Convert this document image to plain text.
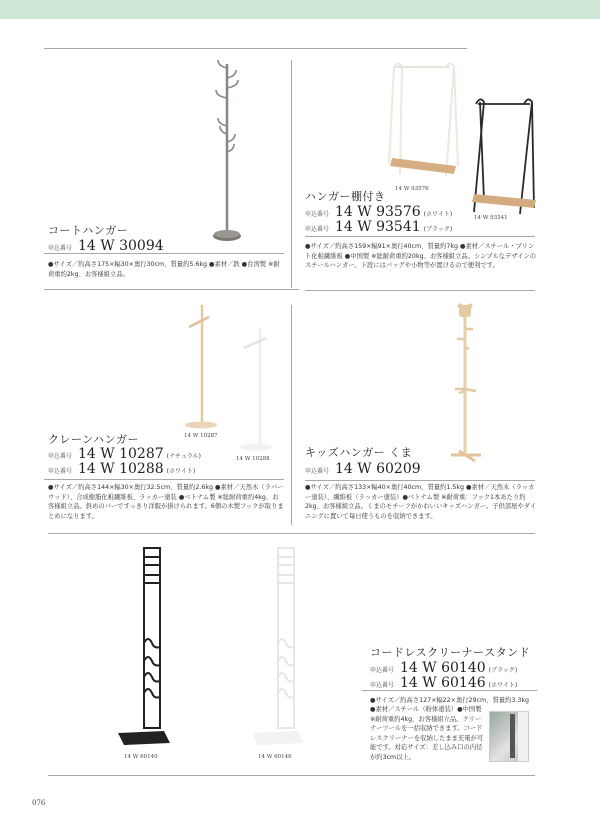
コートハンガー
申込番号 14 W 30094
●サイズ／約高さ175×幅30×奥行30cm、質量約5.6kg ●素材／鉄 ●台湾製 ※耐荷重約2kg、お客様組立品。
14 W 93576
14 W 93541
ハンガー棚付き
申込番号 14 W 93576 (ホワイト)
申込番号 14 W 93541 (ブラック)
●サイズ／約高さ159×幅91×奥行40cm、質量約7kg ●素材／スチール・プリント化粧繊維板 ●中国製 ※総耐荷重約20kg、お客様組立品。シンプルなデザインのスチールハンガー。下段にはバッグや小物等が置けるので便利です。
14 W 10287
14 W 10288
クレーンハンガー
申込番号 14 W 10287 (ナチュラル)
申込番号 14 W 10288 (ホワイト)
●サイズ／約高さ144×幅30×奥行32.5cm、質量約2.6kg ●素材／天然木（ラバーウッド）、合成樹脂化粧繊維板、ラッカー塗装 ●ベトナム製 ※総耐荷重約4kg、お客様組立品。斜めのバーですっきり洋服が掛けられます。6個の木製フックが取りまとめになります。
キッズハンガー くま
申込番号 14 W 60209
●サイズ／約高さ133×幅40×奥行40cm、質量約1.5kg ●素材／天然木（ラッカー塗装）、繊維板（ラッカー塗装）●ベトナム製 ※耐荷重：フック1本あたり約2kg、お客様組立品。くまのモチーフがかわいいキッズハンガー。子供部屋やダイニングに置いて毎日使うものを収納できます。
14 W 60140	14 W 60146
コードレスクリーナースタンド
申込番号 14 W 60140 (ブラック)
申込番号 14 W 60146 (ホワイト)
●サイズ／約高さ127×幅22×奥行29cm、質量約3.3kg
●素材／スチール（粉体塗装）●中国製 ※耐荷重約4kg、お客様組立品。クリーナーツールを一括収納できます。コードレスクリーナーを収納したまま充電が可能です。対応サイズ：差し込み口の内径が約3cm以上。
076
